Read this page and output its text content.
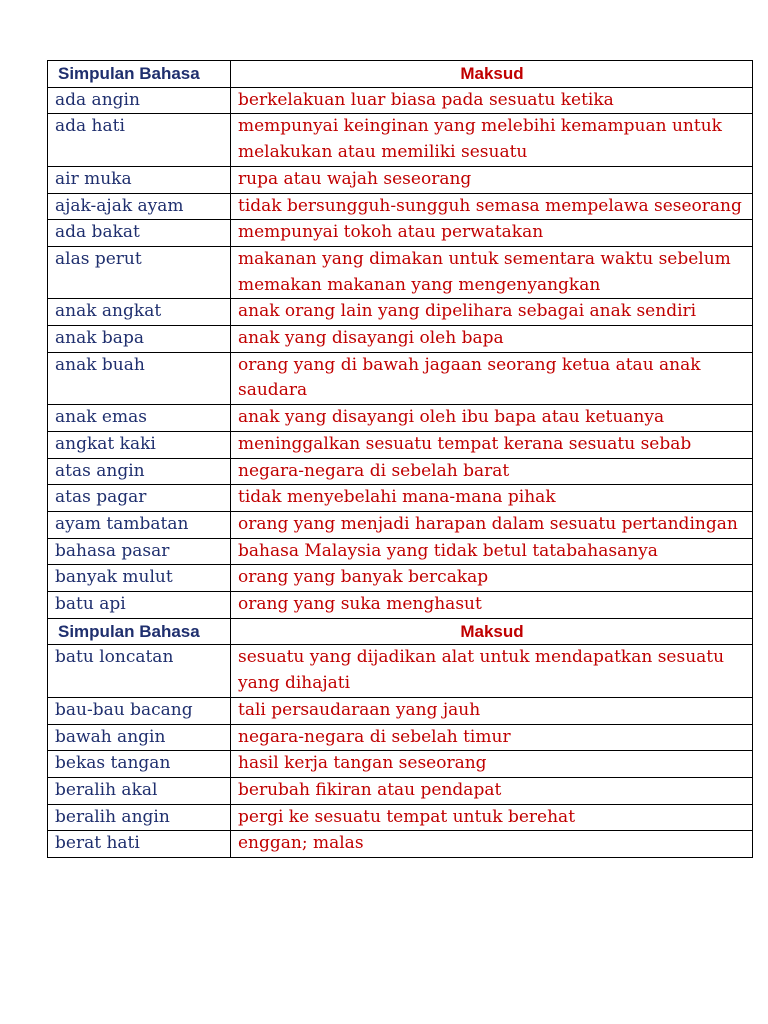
Simpulan Bahasa	Maksud
ada angin	berkelakuan luar biasa pada sesuatu ketika
ada hati	mempunyai keinginan yang melebihi kemampuan untuk melakukan atau memiliki sesuatu
air muka	rupa atau wajah seseorang
ajak-ajak ayam	tidak bersungguh-sungguh semasa mempelawa seseorang
ada bakat	mempunyai tokoh atau perwatakan
alas perut	makanan yang dimakan untuk sementara waktu sebelum memakan makanan yang mengenyangkan
anak angkat	anak orang lain yang dipelihara sebagai anak sendiri
anak bapa	anak yang disayangi oleh bapa
anak buah	orang yang di bawah jagaan seorang ketua atau anak saudara
anak emas	anak yang disayangi oleh ibu bapa atau ketuanya
angkat kaki	meninggalkan sesuatu tempat kerana sesuatu sebab
atas angin	negara-negara di sebelah barat
atas pagar	tidak menyebelahi mana-mana pihak
ayam tambatan	orang yang menjadi harapan dalam sesuatu pertandingan
bahasa pasar	bahasa Malaysia yang tidak betul tatabahasanya
banyak mulut	orang yang banyak bercakap
batu api	orang yang suka menghasut
Simpulan Bahasa	Maksud
batu loncatan	sesuatu yang dijadikan alat untuk mendapatkan sesuatu yang dihajati
bau-bau bacang	tali persaudaraan yang jauh
bawah angin	negara-negara di sebelah timur
bekas tangan	hasil kerja tangan seseorang
beralih akal	berubah fikiran atau pendapat
beralih angin	pergi ke sesuatu tempat untuk berehat
berat hati	enggan; malas
